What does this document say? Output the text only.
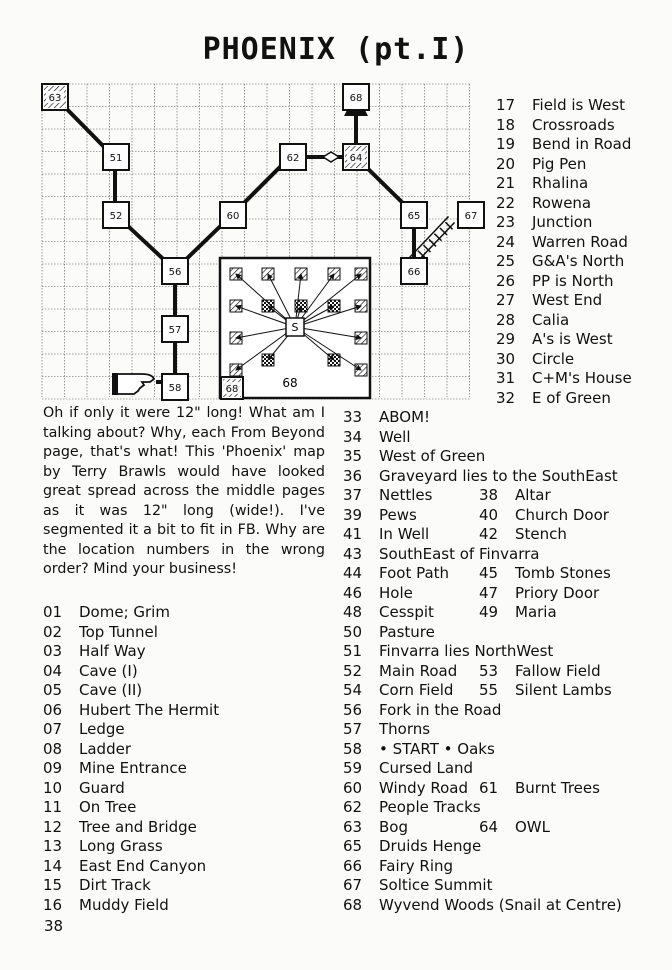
PHOENIX (pt.I)
63
51	62	64
52	60	65	67
56	66
57
58
68
S
68
68
17 Field is West
18 Crossroads
19 Bend in Road
20 Pig Pen
21 Rhalina
22 Rowena
23 Junction
24 Warren Road
25 G&A's North
26 PP is North
27 West End
28 Calia
29 A's is West
30 Circle
31 C+M's House
32 E of Green
Oh if only it were 12" long! What am I talking about? Why, each From Beyond page, that's what! This 'Phoenix' map by Terry Brawls would have looked great spread across the middle pages as it was 12" long (wide!). I've segmented it a bit to fit in FB. Why are the location numbers in the wrong order? Mind your business!
01 Dome; Grim
02 Top Tunnel
03 Half Way
04 Cave (I)
05 Cave (II)
06 Hubert The Hermit
07 Ledge
08 Ladder
09 Mine Entrance
10 Guard
11 On Tree
12 Tree and Bridge
13 Long Grass
14 East End Canyon
15 Dirt Track
16 Muddy Field
33 ABOM!
34 Well
35 West of Green
36 Graveyard lies to the SouthEast
37 Nettles	38 Altar
39 Pews	40 Church Door
41 In Well	42 Stench
43 SouthEast of Finvarra
44 Foot Path 45 Tomb Stones
46 Hole	47 Priory Door
48 Cesspit	49 Maria
50 Pasture
51 Finvarra lies NorthWest
52 Main Road 53 Fallow Field
54 Corn Field 55 Silent Lambs
56 Fork in the Road
57 Thorns
58 • START • Oaks
59 Cursed Land
60 Windy Road 61 Burnt Trees
62 People Tracks
63 Bog	64 OWL
65 Druids Henge
66 Fairy Ring
67 Soltice Summit
68 Wyvend Woods (Snail at Centre)
38
